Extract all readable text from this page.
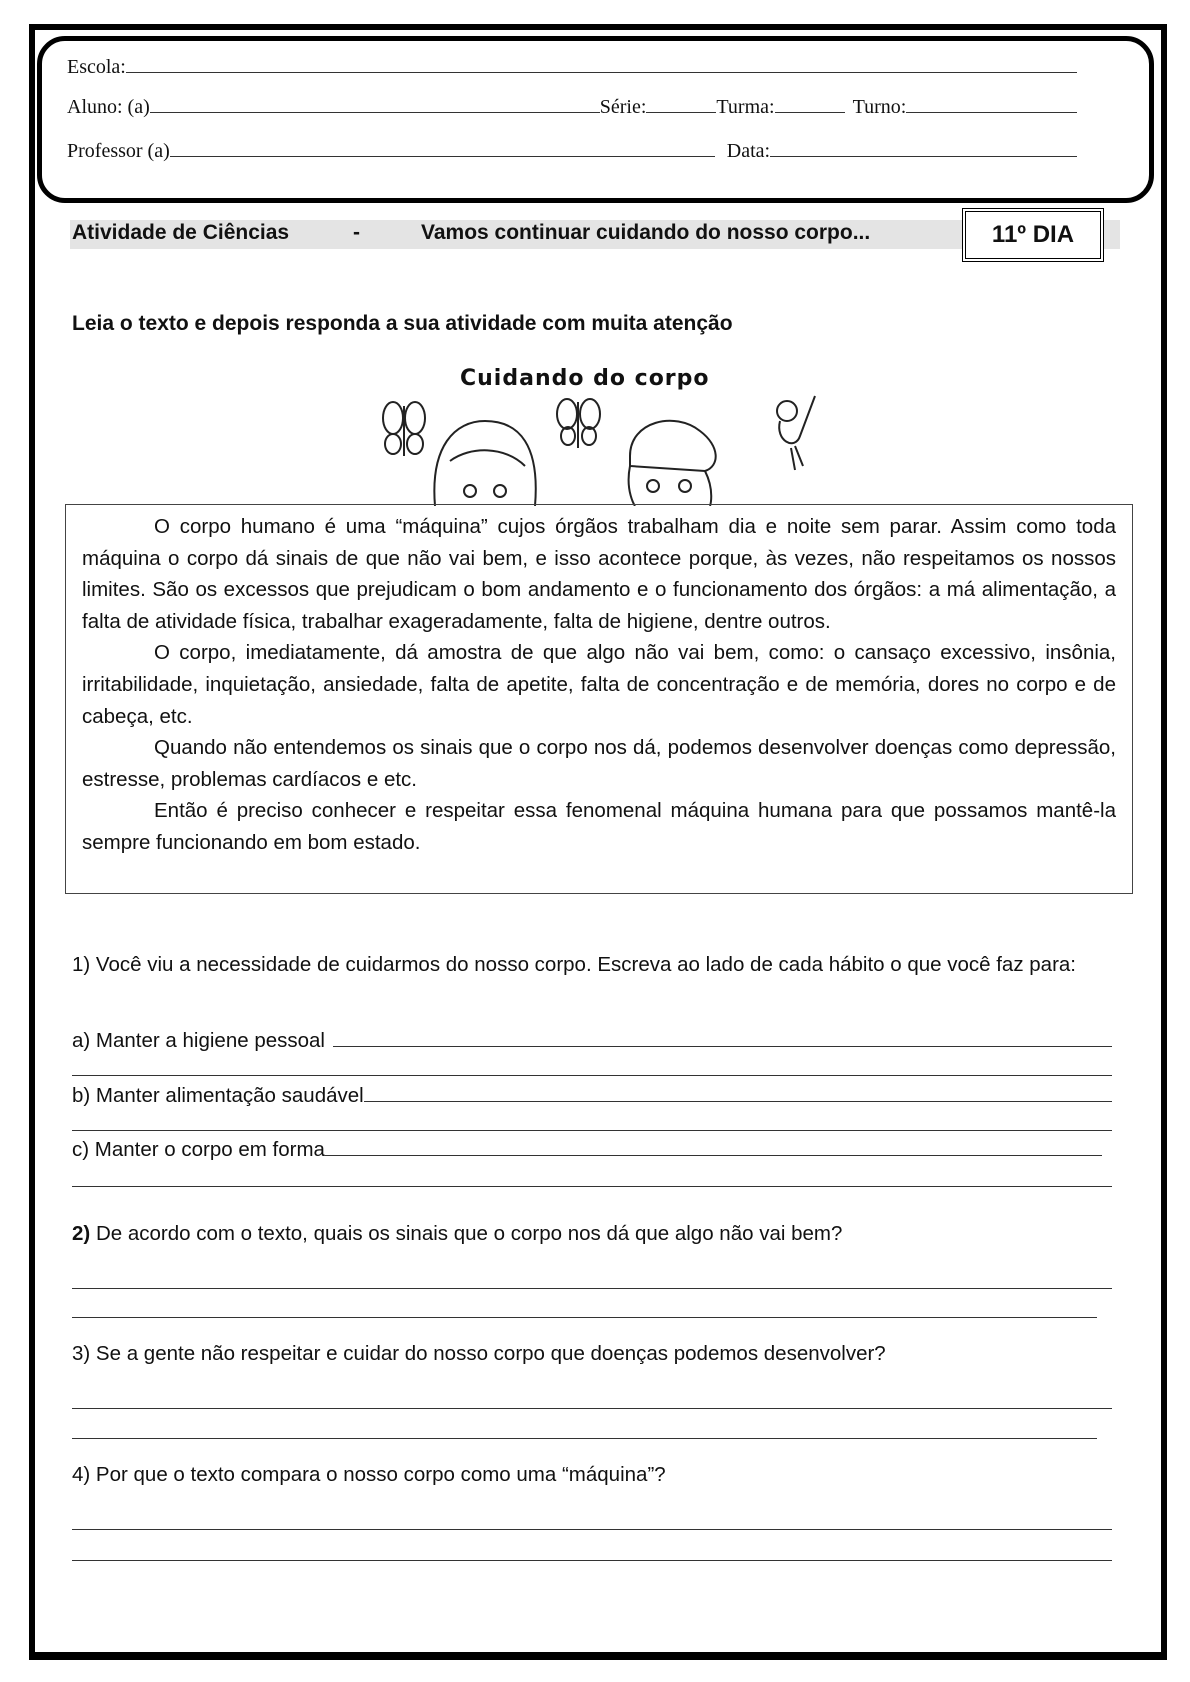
Escola:
Aluno: (a)	Série:	Turma:	Turno:
Professor (a)	Data:
Atividade de Ciências	-	Vamos continuar cuidando do nosso corpo...	11º DIA
Leia o texto e depois responda a sua atividade com muita atenção
Cuidando do corpo

O corpo humano é uma “máquina” cujos órgãos trabalham dia e noite sem parar. Assim como toda máquina o corpo dá sinais de que não vai bem, e isso acontece porque, às vezes, não respeitamos os nossos limites. São os excessos que prejudicam o bom andamento e o funcionamento dos órgãos: a má alimentação, a falta de atividade física, trabalhar exageradamente, falta de higiene, dentre outros.

O corpo, imediatamente, dá amostra de que algo não vai bem, como: o cansaço excessivo, insônia, irritabilidade, inquietação, ansiedade, falta de apetite, falta de concentração e de memória, dores no corpo e de cabeça, etc.

Quando não entendemos os sinais que o corpo nos dá, podemos desenvolver doenças como depressão, estresse, problemas cardíacos e etc.

Então é preciso conhecer e respeitar essa fenomenal máquina humana para que possamos mantê-la sempre funcionando em bom estado.

1) Você viu a necessidade de cuidarmos do nosso corpo. Escreva ao lado de cada hábito o que você faz para:
a) Manter a higiene pessoal
b) Manter alimentação saudável
c) Manter o corpo em forma
2) De acordo com o texto, quais os sinais que o corpo nos dá que algo não vai bem?
3) Se a gente não respeitar e cuidar do nosso corpo que doenças podemos desenvolver?
4) Por que o texto compara o nosso corpo como uma “máquina”?
